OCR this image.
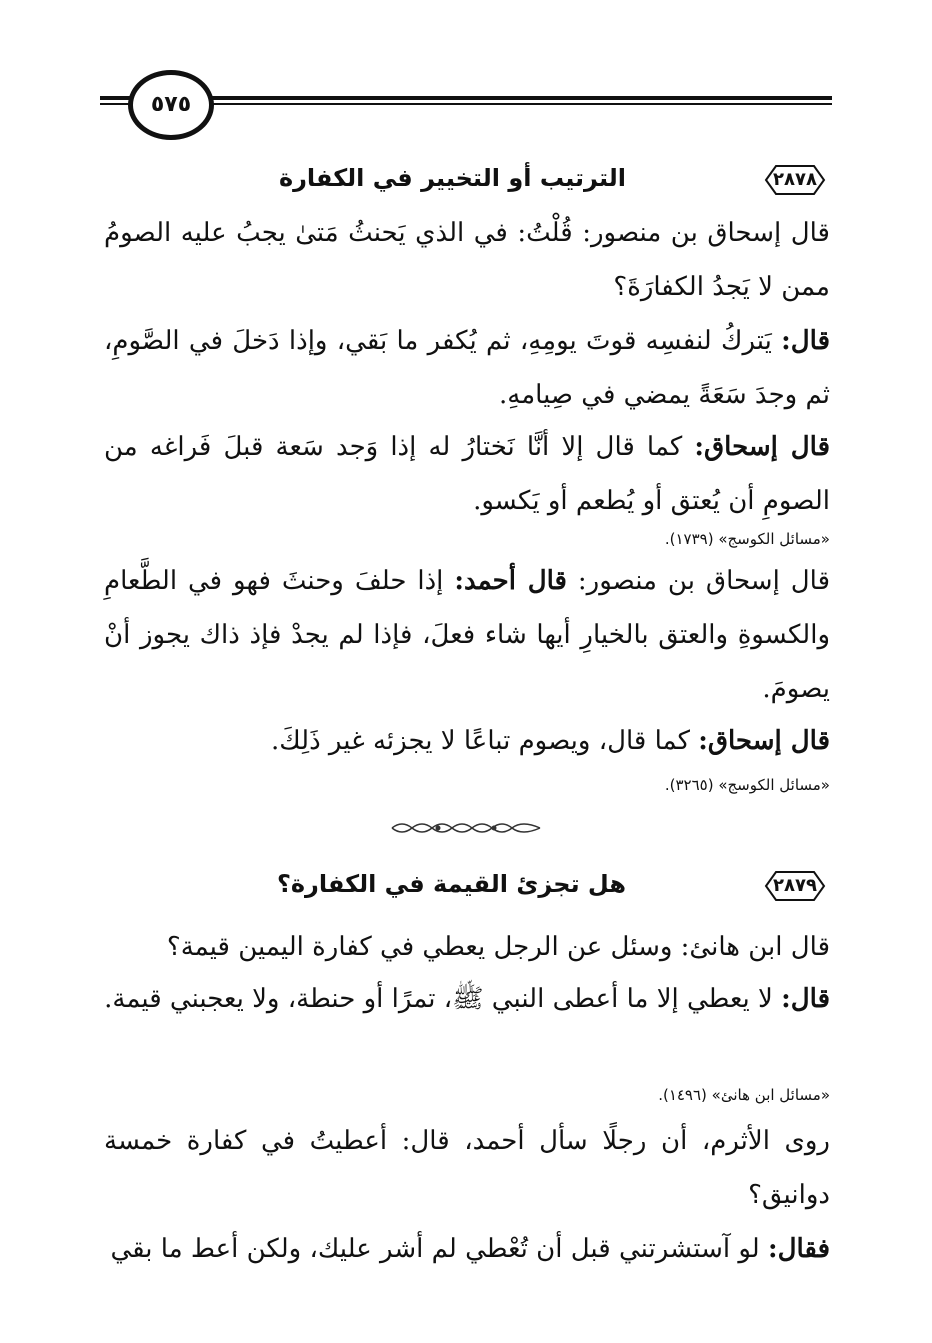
٥٧٥
٢٨٧٨
الترتيب أو التخيير في الكفارة
قال إسحاق بن منصور: قُلْتُ: في الذي يَحنثُ مَتىٰ يجبُ عليه الصومُ ممن لا يَجدُ الكفارَةَ؟
قال: يَتركُ لنفسِه قوتَ يومِهِ، ثم يُكفر ما بَقي، وإذا دَخلَ في الصَّومِ، ثم وجدَ سَعَةً يمضي في صِيامهِ.
قال إسحاق: كما قال إلا أنَّا نَختارُ له إذا وَجد سَعة قبلَ فَراغه من الصومِ أن يُعتق أو يُطعم أو يَكسو.
«مسائل الكوسج» (١٧٣٩).
قال إسحاق بن منصور: قال أحمد: إذا حلفَ وحنثَ فهو في الطَّعامِ والكسوةِ والعتق بالخيارِ أيها شاء فعلَ، فإذا لم يجدْ فإذ ذاك يجوز أنْ يصومَ.
قال إسحاق: كما قال، ويصوم تباعًا لا يجزئه غير ذَلِكَ.
«مسائل الكوسج» (٣٢٦٥).
٢٨٧٩
هل تجزئ القيمة في الكفارة؟
قال ابن هانئ: وسئل عن الرجل يعطي في كفارة اليمين قيمة؟
قال: لا يعطي إلا ما أعطى النبي ﷺ، تمرًا أو حنطة، ولا يعجبني قيمة.
«مسائل ابن هانئ» (١٤٩٦).
روى الأثرم، أن رجلًا سأل أحمد، قال: أعطيتُ في كفارة خمسة دوانيق؟
فقال: لو آستشرتني قبل أن تُعْطي لم أشر عليك، ولكن أعط ما بقي
